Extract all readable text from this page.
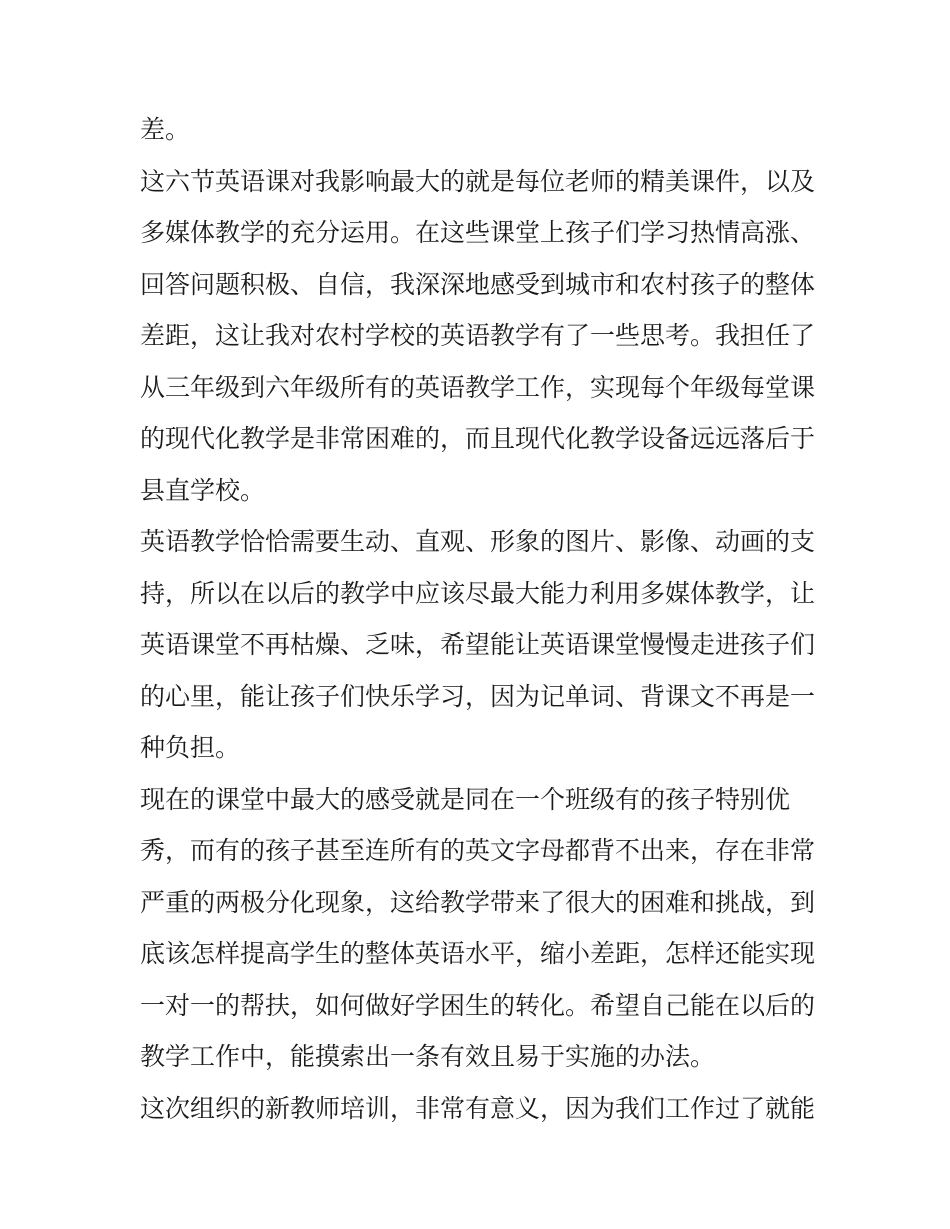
差。
这六节英语课对我影响最大的就是每位老师的精美课件，以及
多媒体教学的充分运用。在这些课堂上孩子们学习热情高涨、
回答问题积极、自信，我深深地感受到城市和农村孩子的整体
差距，这让我对农村学校的英语教学有了一些思考。我担任了
从三年级到六年级所有的英语教学工作，实现每个年级每堂课
的现代化教学是非常困难的，而且现代化教学设备远远落后于
县直学校。
英语教学恰恰需要生动、直观、形象的图片、影像、动画的支
持，所以在以后的教学中应该尽最大能力利用多媒体教学，让
英语课堂不再枯燥、乏味，希望能让英语课堂慢慢走进孩子们
的心里，能让孩子们快乐学习，因为记单词、背课文不再是一
种负担。
现在的课堂中最大的感受就是同在一个班级有的孩子特别优
秀，而有的孩子甚至连所有的英文字母都背不出来，存在非常
严重的两极分化现象，这给教学带来了很大的困难和挑战，到
底该怎样提高学生的整体英语水平，缩小差距，怎样还能实现
一对一的帮扶，如何做好学困生的转化。希望自己能在以后的
教学工作中，能摸索出一条有效且易于实施的办法。
这次组织的新教师培训，非常有意义，因为我们工作过了就能
